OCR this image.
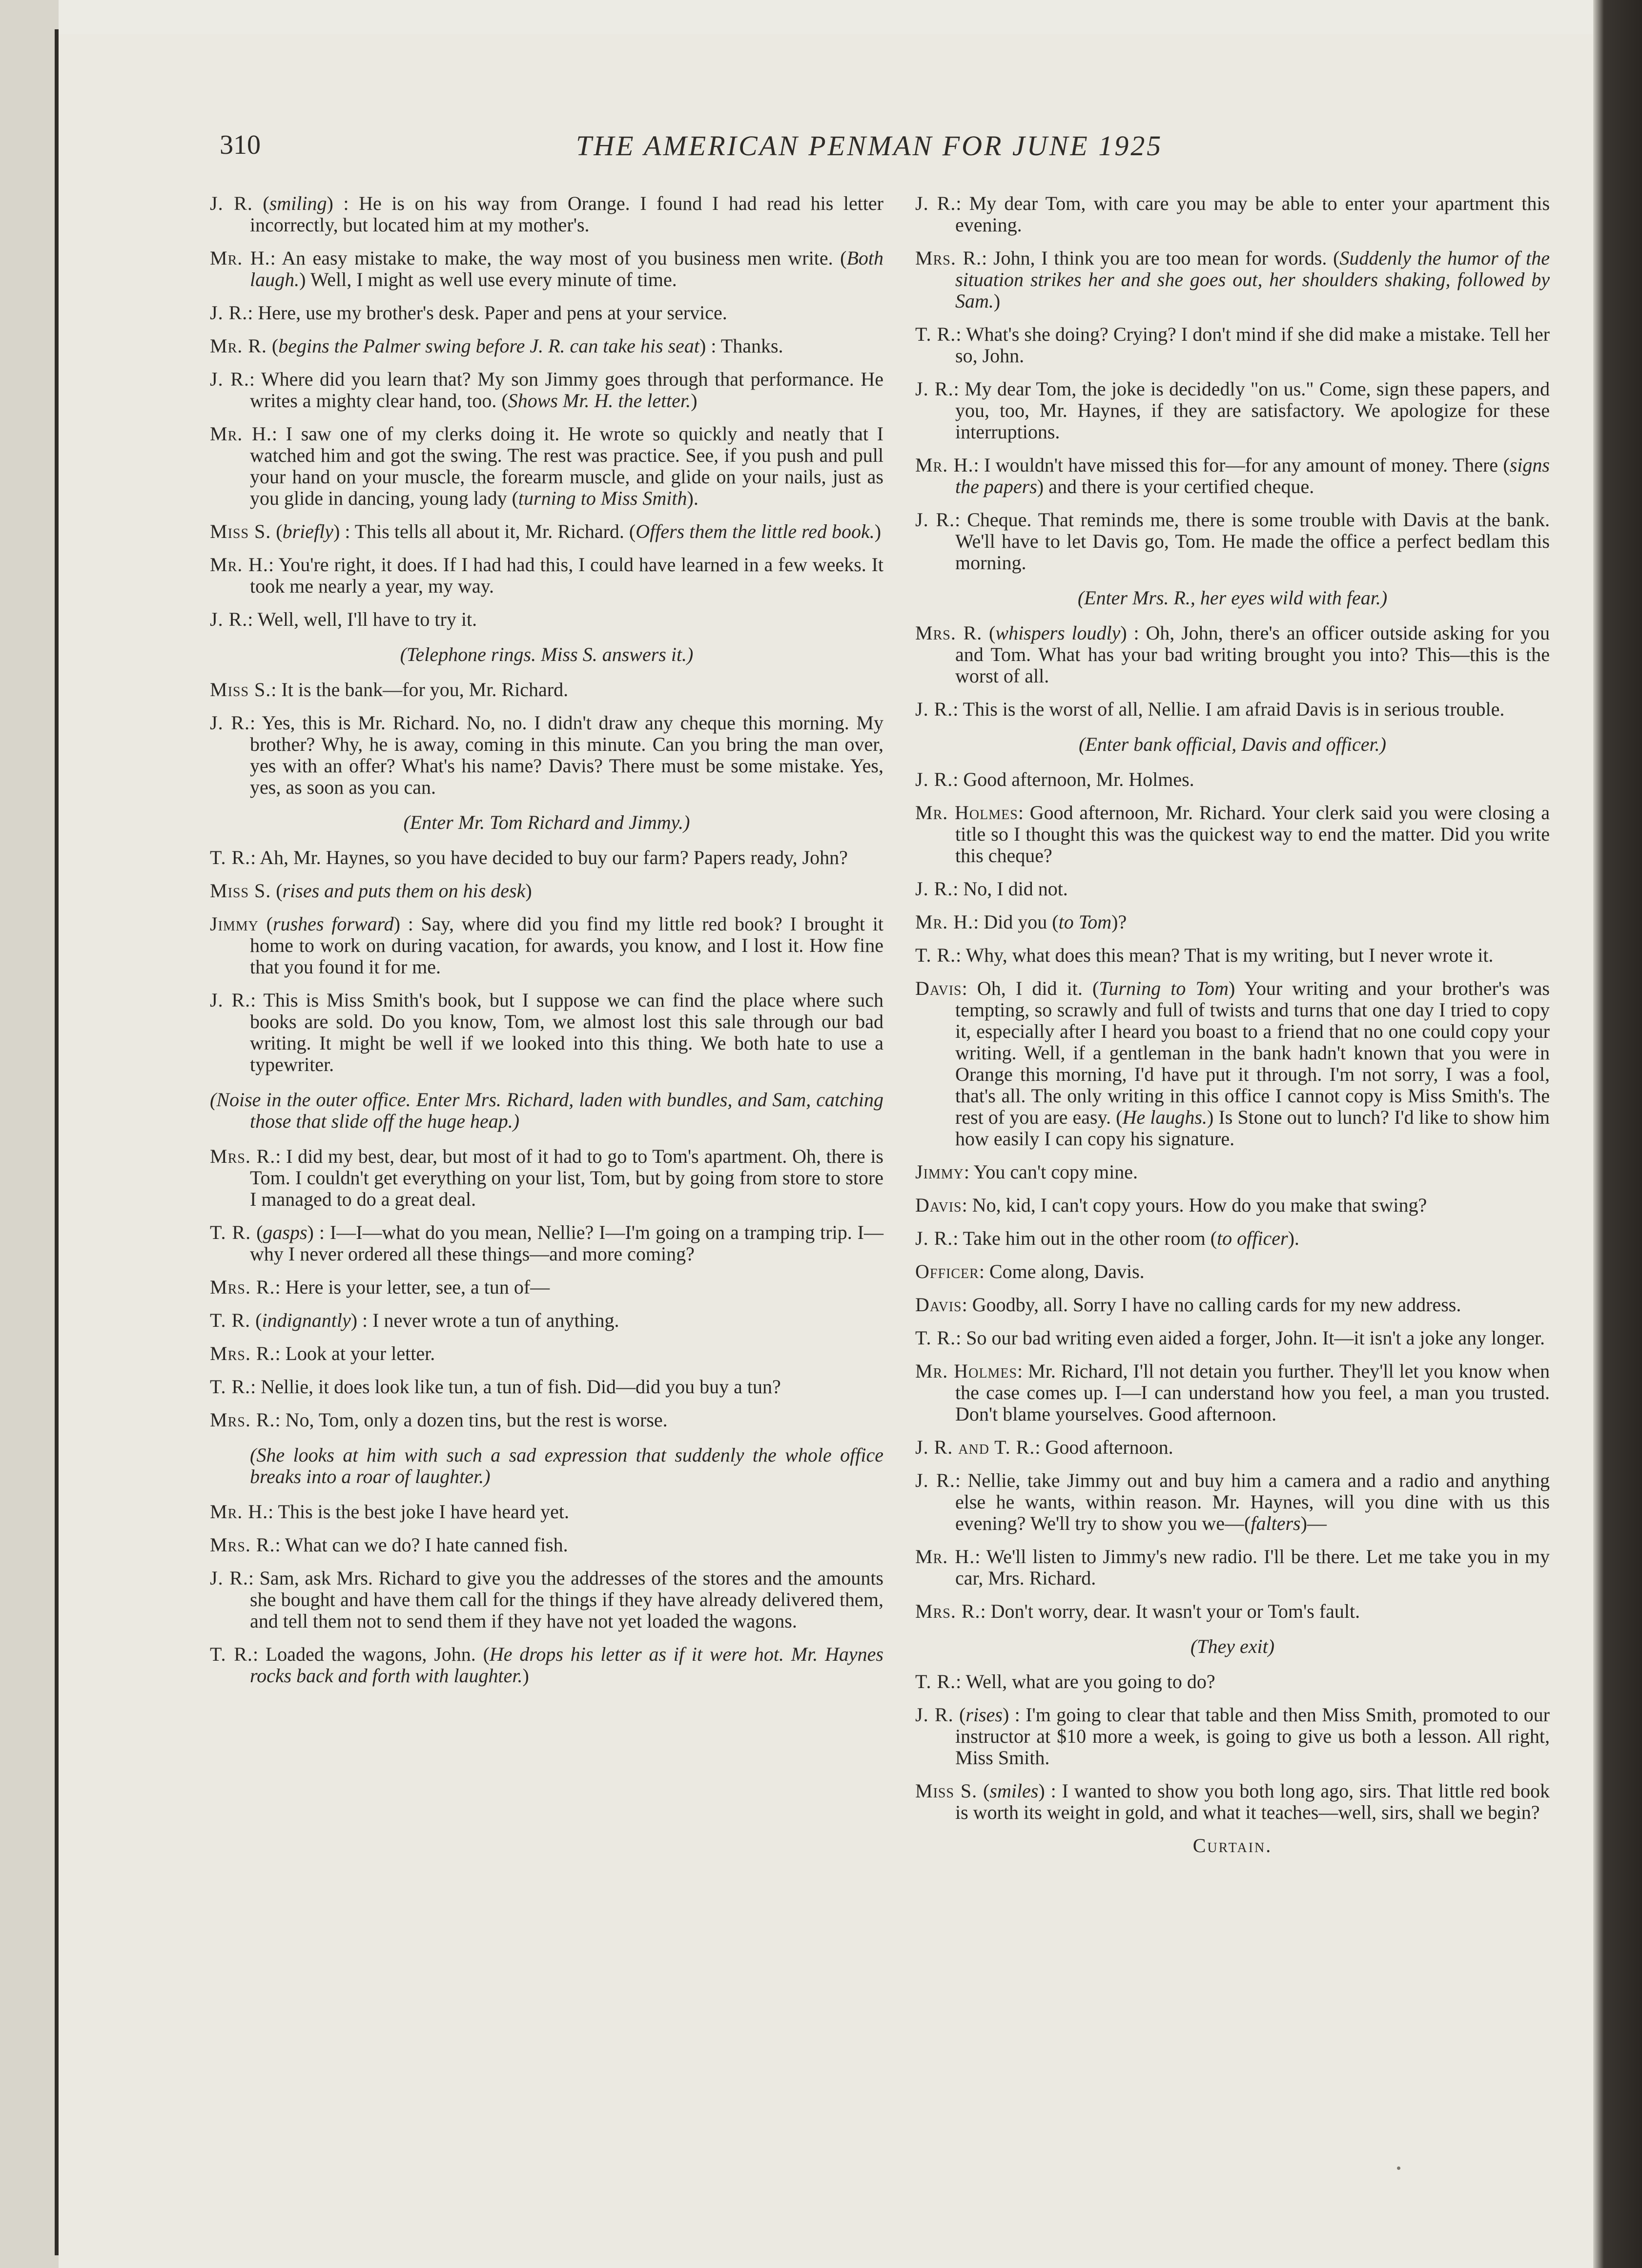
310	THE AMERICAN PENMAN FOR JUNE 1925

J. R. (smiling) : He is on his way from Orange. I found I had read his letter incorrectly, but located him at my mother's.

Mr. H.: An easy mistake to make, the way most of you business men write. (Both laugh.) Well, I might as well use every minute of time.

J. R.: Here, use my brother's desk. Paper and pens at your service.

Mr. R. (begins the Palmer swing before J. R. can take his seat) : Thanks.

J. R.: Where did you learn that? My son Jimmy goes through that performance. He writes a mighty clear hand, too. (Shows Mr. H. the letter.)

Mr. H.: I saw one of my clerks doing it. He wrote so quickly and neatly that I watched him and got the swing. The rest was practice. See, if you push and pull your hand on your muscle, the forearm muscle, and glide on your nails, just as you glide in dancing, young lady (turning to Miss Smith).

Miss S. (briefly) : This tells all about it, Mr. Richard. (Offers them the little red book.)

Mr. H.: You're right, it does. If I had had this, I could have learned in a few weeks. It took me nearly a year, my way.

J. R.: Well, well, I'll have to try it.

(Telephone rings. Miss S. answers it.)

Miss S.: It is the bank—for you, Mr. Richard.

J. R.: Yes, this is Mr. Richard. No, no. I didn't draw any cheque this morning. My brother? Why, he is away, coming in this minute. Can you bring the man over, yes with an offer? What's his name? Davis? There must be some mistake. Yes, yes, as soon as you can.

(Enter Mr. Tom Richard and Jimmy.)

T. R.: Ah, Mr. Haynes, so you have decided to buy our farm? Papers ready, John?

Miss S. (rises and puts them on his desk)

Jimmy (rushes forward) : Say, where did you find my little red book? I brought it home to work on during vacation, for awards, you know, and I lost it. How fine that you found it for me.

J. R.: This is Miss Smith's book, but I suppose we can find the place where such books are sold. Do you know, Tom, we almost lost this sale through our bad writing. It might be well if we looked into this thing. We both hate to use a typewriter.

(Noise in the outer office. Enter Mrs. Richard, laden with bundles, and Sam, catching those that slide off the huge heap.)

Mrs. R.: I did my best, dear, but most of it had to go to Tom's apartment. Oh, there is Tom. I couldn't get everything on your list, Tom, but by going from store to store I managed to do a great deal.

T. R. (gasps) : I—I—what do you mean, Nellie? I—I'm going on a tramping trip. I—why I never ordered all these things—and more coming?

Mrs. R.: Here is your letter, see, a tun of—

T. R. (indignantly) : I never wrote a tun of anything.

Mrs. R.: Look at your letter.

T. R.: Nellie, it does look like tun, a tun of fish. Did—did you buy a tun?

Mrs. R.: No, Tom, only a dozen tins, but the rest is worse.

(She looks at him with such a sad expression that suddenly the whole office breaks into a roar of laughter.)

Mr. H.: This is the best joke I have heard yet.

Mrs. R.: What can we do? I hate canned fish.

J. R.: Sam, ask Mrs. Richard to give you the addresses of the stores and the amounts she bought and have them call for the things if they have already delivered them, and tell them not to send them if they have not yet loaded the wagons.

T. R.: Loaded the wagons, John. (He drops his letter as if it were hot. Mr. Haynes rocks back and forth with laughter.)

J. R.: My dear Tom, with care you may be able to enter your apartment this evening.

Mrs. R.: John, I think you are too mean for words. (Suddenly the humor of the situation strikes her and she goes out, her shoulders shaking, followed by Sam.)

T. R.: What's she doing? Crying? I don't mind if she did make a mistake. Tell her so, John.

J. R.: My dear Tom, the joke is decidedly "on us." Come, sign these papers, and you, too, Mr. Haynes, if they are satisfactory. We apologize for these interruptions.

Mr. H.: I wouldn't have missed this for—for any amount of money. There (signs the papers) and there is your certified cheque.

J. R.: Cheque. That reminds me, there is some trouble with Davis at the bank. We'll have to let Davis go, Tom. He made the office a perfect bedlam this morning.

(Enter Mrs. R., her eyes wild with fear.)

Mrs. R. (whispers loudly) : Oh, John, there's an officer outside asking for you and Tom. What has your bad writing brought you into? This—this is the worst of all.

J. R.: This is the worst of all, Nellie. I am afraid Davis is in serious trouble.

(Enter bank official, Davis and officer.)

J. R.: Good afternoon, Mr. Holmes.

Mr. Holmes: Good afternoon, Mr. Richard. Your clerk said you were closing a title so I thought this was the quickest way to end the matter. Did you write this cheque?

J. R.: No, I did not.

Mr. H.: Did you (to Tom)?

T. R.: Why, what does this mean? That is my writing, but I never wrote it.

Davis: Oh, I did it. (Turning to Tom) Your writing and your brother's was tempting, so scrawly and full of twists and turns that one day I tried to copy it, especially after I heard you boast to a friend that no one could copy your writing. Well, if a gentleman in the bank hadn't known that you were in Orange this morning, I'd have put it through. I'm not sorry, I was a fool, that's all. The only writing in this office I cannot copy is Miss Smith's. The rest of you are easy. (He laughs.) Is Stone out to lunch? I'd like to show him how easily I can copy his signature.

Jimmy: You can't copy mine.

Davis: No, kid, I can't copy yours. How do you make that swing?

J. R.: Take him out in the other room (to officer).

Officer: Come along, Davis.

Davis: Goodby, all. Sorry I have no calling cards for my new address.

T. R.: So our bad writing even aided a forger, John. It—it isn't a joke any longer.

Mr. Holmes: Mr. Richard, I'll not detain you further. They'll let you know when the case comes up. I—I can understand how you feel, a man you trusted. Don't blame yourselves. Good afternoon.

J. R. and T. R.: Good afternoon.

J. R.: Nellie, take Jimmy out and buy him a camera and a radio and anything else he wants, within reason. Mr. Haynes, will you dine with us this evening? We'll try to show you we—(falters)—

Mr. H.: We'll listen to Jimmy's new radio. I'll be there. Let me take you in my car, Mrs. Richard.

Mrs. R.: Don't worry, dear. It wasn't your or Tom's fault.

(They exit)

T. R.: Well, what are you going to do?

J. R. (rises) : I'm going to clear that table and then Miss Smith, promoted to our instructor at $10 more a week, is going to give us both a lesson. All right, Miss Smith.

Miss S. (smiles) : I wanted to show you both long ago, sirs. That little red book is worth its weight in gold, and what it teaches—well, sirs, shall we begin?

Curtain.
